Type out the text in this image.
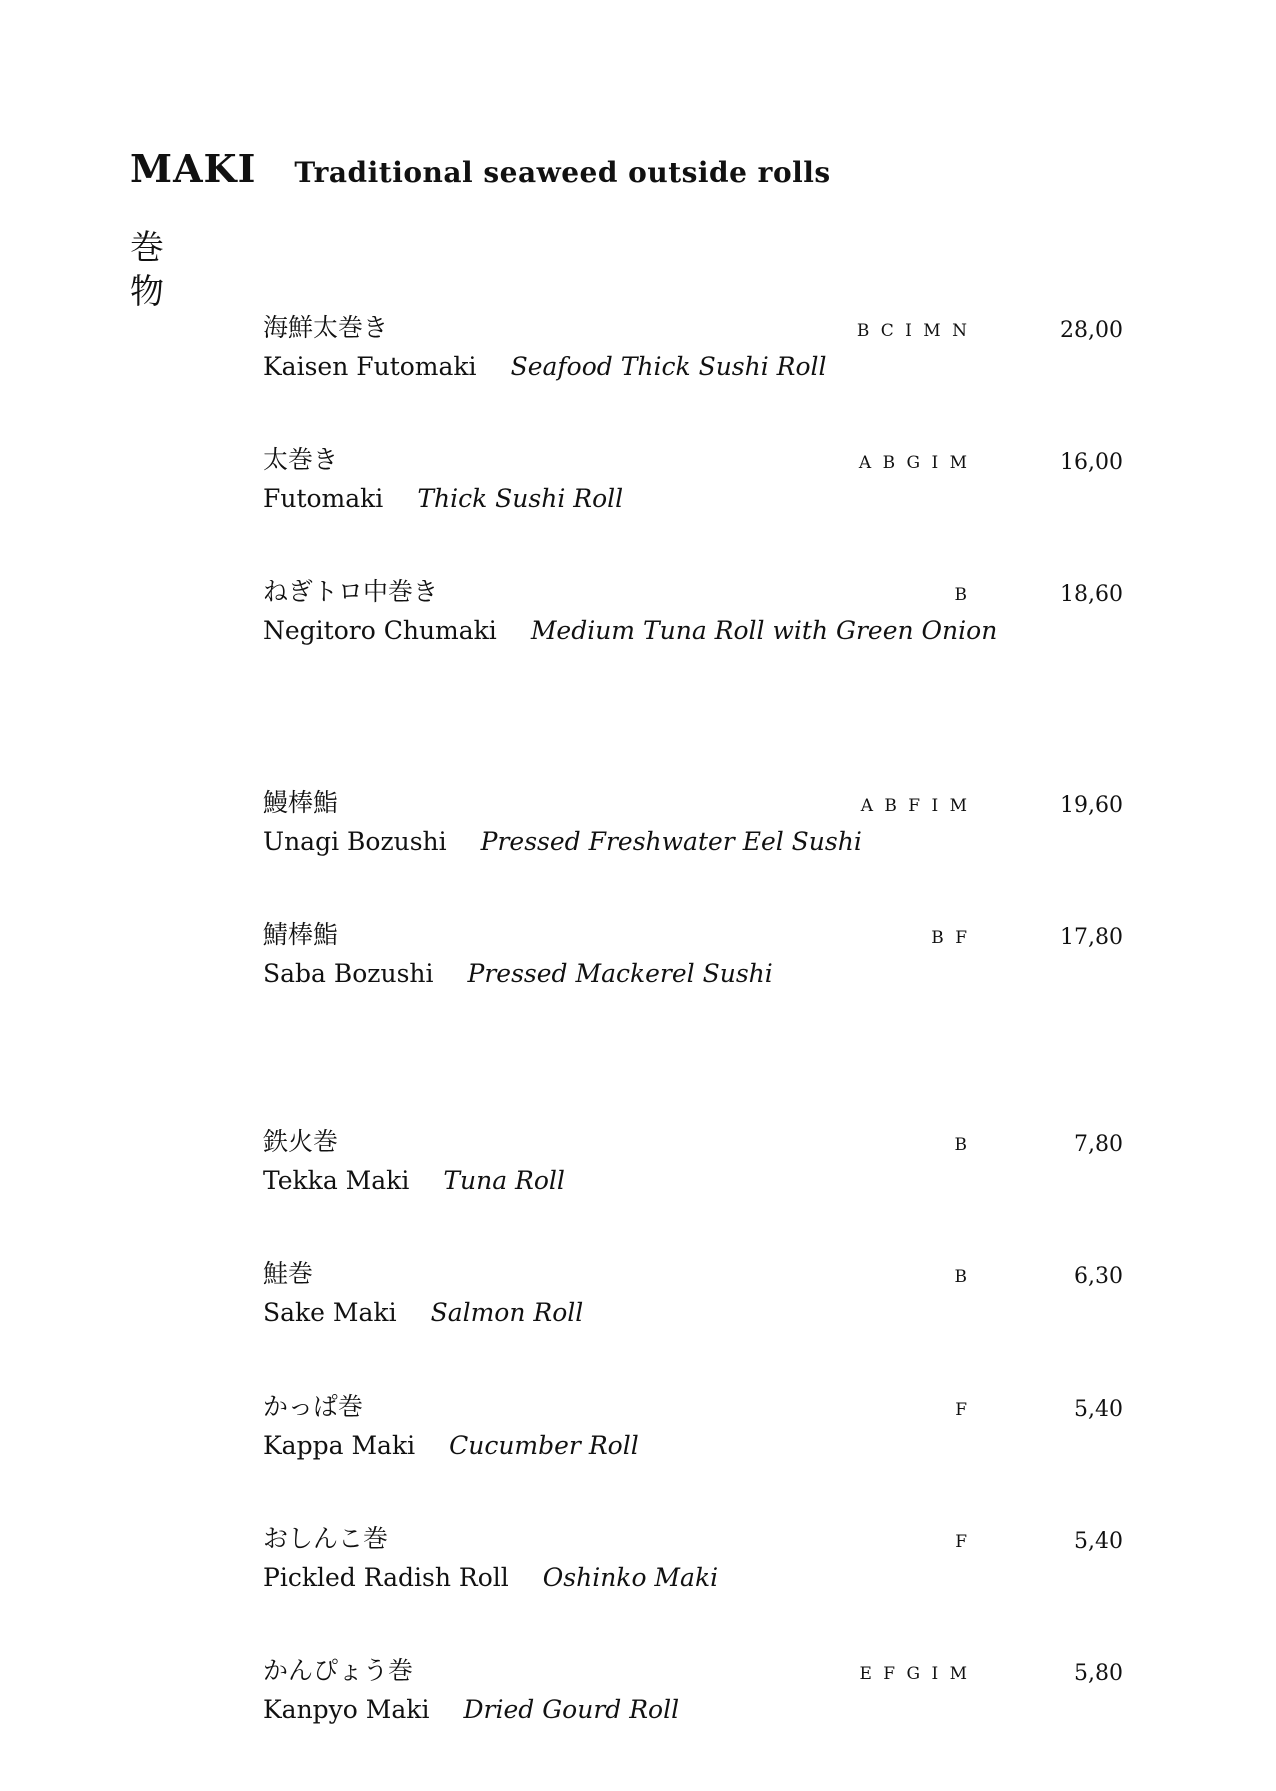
MAKI Traditional seaweed outside rolls
巻
物
海鮮太巻き
Kaisen Futomaki Seafood Thick Sushi Roll
B C I M N	28,00
太巻き
Futomaki Thick Sushi Roll
A B G I M	16,00
ねぎトロ中巻き
Negitoro Chumaki Medium Tuna Roll with Green Onion
B	18,60
鰻棒鮨
Unagi Bozushi Pressed Freshwater Eel Sushi
A B F I M	19,60
鯖棒鮨
Saba Bozushi Pressed Mackerel Sushi
B F	17,80
鉄火巻
Tekka Maki Tuna Roll
B	7,80
鮭巻
Sake Maki Salmon Roll
B	6,30
かっぱ巻
Kappa Maki Cucumber Roll
F	5,40
おしんこ巻
Pickled Radish Roll Oshinko Maki
F	5,40
かんぴょう巻
Kanpyo Maki Dried Gourd Roll
E F G I M	5,80
